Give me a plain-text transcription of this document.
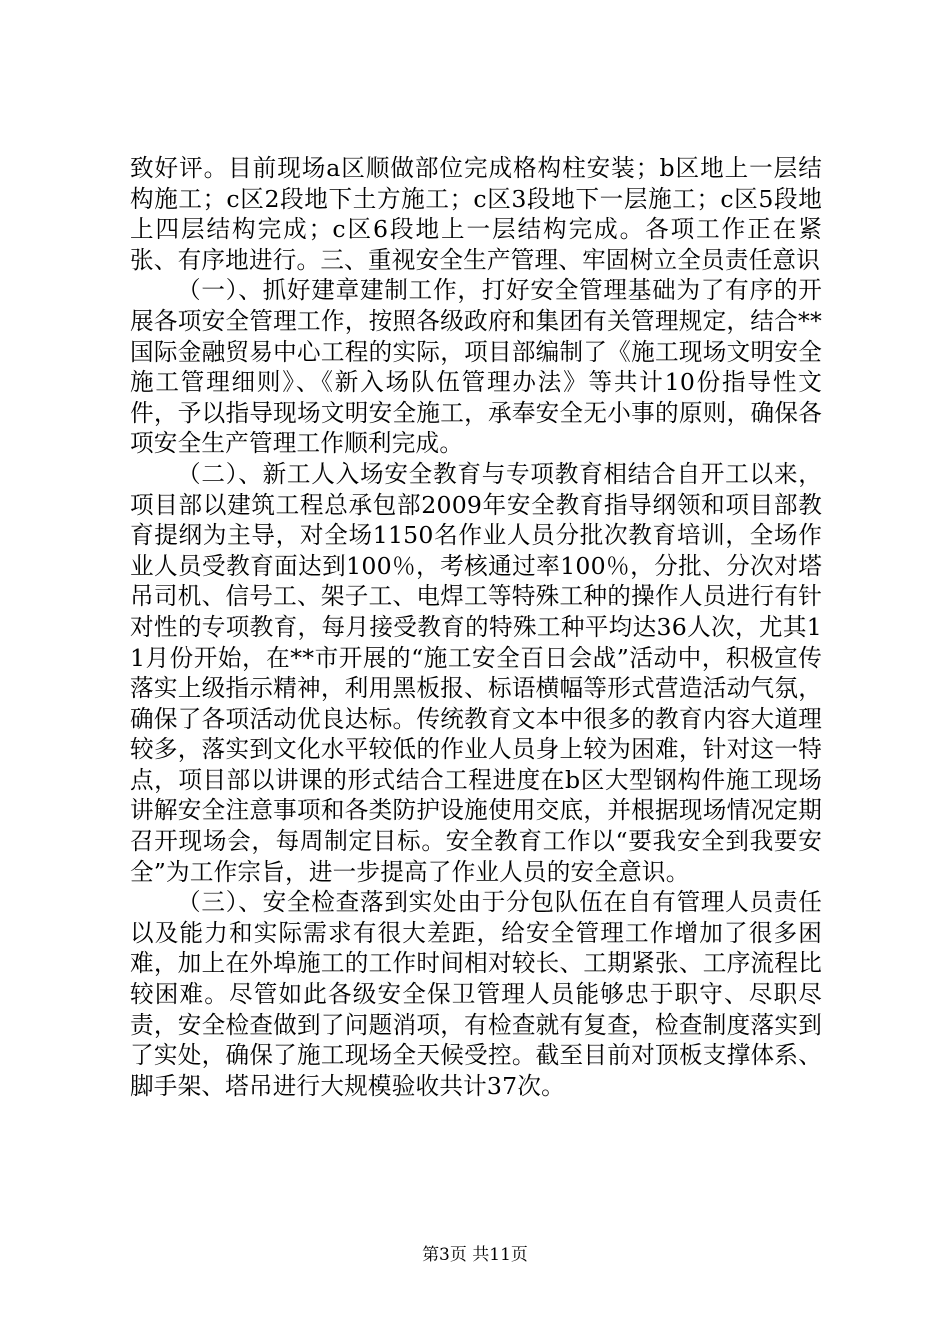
致好评。目前现场a区顺做部位完成格构柱安装；b区地上一层结构施工；c区2段地下土方施工；c区3段地下一层施工；c区5段地上四层结构完成；c区6段地上一层结构完成。各项工作正在紧张、有序地进行。三、重视安全生产管理、牢固树立全员责任意识

（一）、抓好建章建制工作，打好安全管理基础为了有序的开展各项安全管理工作，按照各级政府和集团有关管理规定，结合**国际金融贸易中心工程的实际，项目部编制了《施工现场文明安全施工管理细则》、《新入场队伍管理办法》等共计10份指导性文件，予以指导现场文明安全施工，承奉安全无小事的原则，确保各项安全生产管理工作顺利完成。

（二）、新工人入场安全教育与专项教育相结合自开工以来，项目部以建筑工程总承包部2009年安全教育指导纲领和项目部教育提纲为主导，对全场1150名作业人员分批次教育培训，全场作业人员受教育面达到100％，考核通过率100％，分批、分次对塔吊司机、信号工、架子工、电焊工等特殊工种的操作人员进行有针对性的专项教育，每月接受教育的特殊工种平均达36人次，尤其11月份开始，在**市开展的“施工安全百日会战”活动中，积极宣传落实上级指示精神，利用黑板报、标语横幅等形式营造活动气氛，确保了各项活动优良达标。传统教育文本中很多的教育内容大道理较多，落实到文化水平较低的作业人员身上较为困难，针对这一特点，项目部以讲课的形式结合工程进度在b区大型钢构件施工现场讲解安全注意事项和各类防护设施使用交底，并根据现场情况定期召开现场会，每周制定目标。安全教育工作以“要我安全到我要安全”为工作宗旨，进一步提高了作业人员的安全意识。

（三）、安全检查落到实处由于分包队伍在自有管理人员责任以及能力和实际需求有很大差距，给安全管理工作增加了很多困难，加上在外埠施工的工作时间相对较长、工期紧张、工序流程比较困难。尽管如此各级安全保卫管理人员能够忠于职守、尽职尽责，安全检查做到了问题消项，有检查就有复查，检查制度落实到了实处，确保了施工现场全天候受控。截至目前对顶板支撑体系、脚手架、塔吊进行大规模验收共计37次。

第3页 共11页
